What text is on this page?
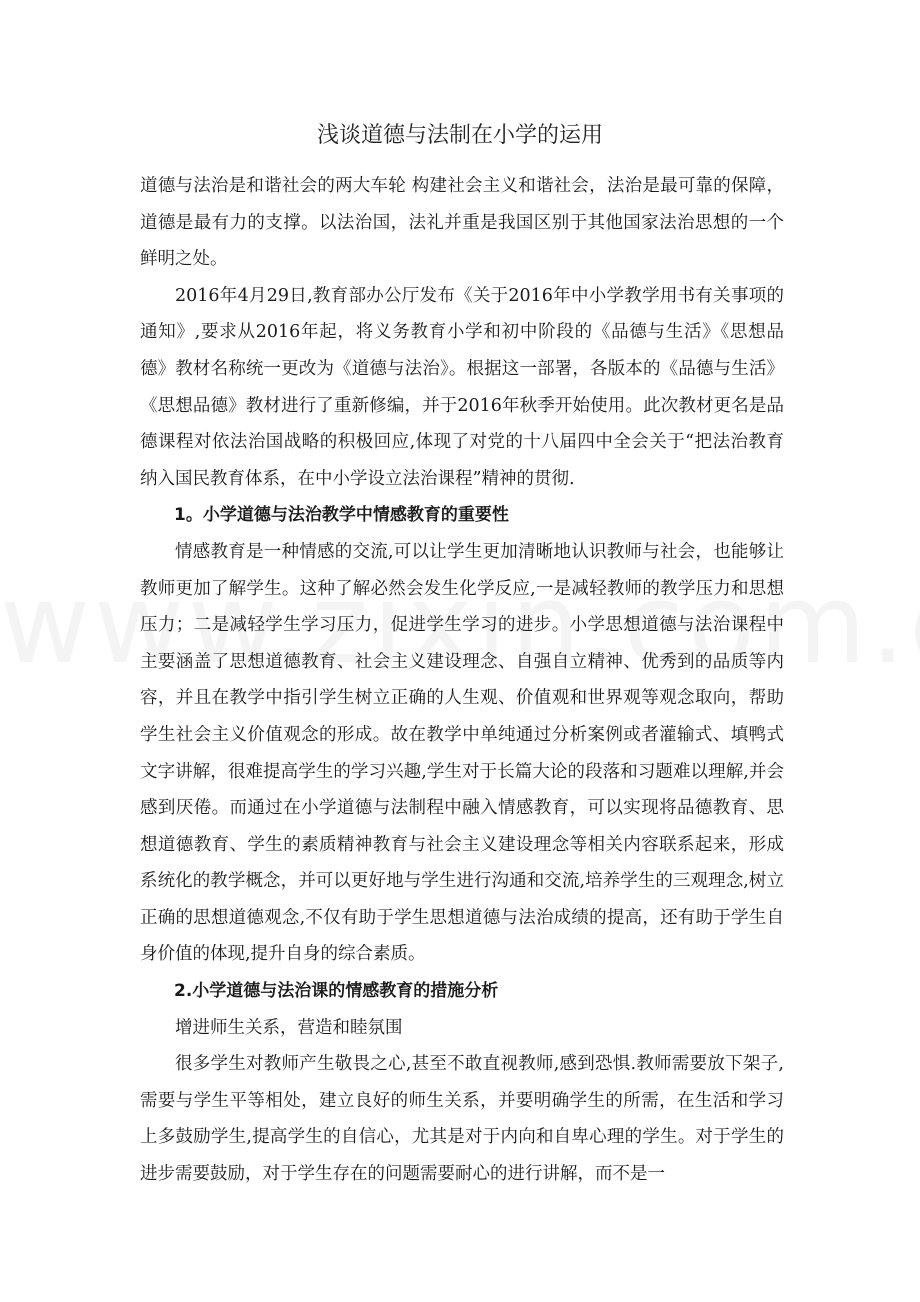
浅谈道德与法制在小学的运用

道德与法治是和谐社会的两大车轮 构建社会主义和谐社会，法治是最可靠的保障，道德是最有力的支撑。以法治国，法礼并重是我国区别于其他国家法治思想的一个鲜明之处。

2016年4月29日,教育部办公厅发布《关于2016年中小学教学用书有关事项的通知》,要求从2016年起，将义务教育小学和初中阶段的《品德与生活》《思想品德》教材名称统一更改为《道德与法治》。根据这一部署，各版本的《品德与生活》《思想品德》教材进行了重新修编，并于2016年秋季开始使用。此次教材更名是品德课程对依法治国战略的积极回应,体现了对党的十八届四中全会关于“把法治教育纳入国民教育体系，在中小学设立法治课程”精神的贯彻.

1。小学道德与法治教学中情感教育的重要性

情感教育是一种情感的交流,可以让学生更加清晰地认识教师与社会，也能够让教师更加了解学生。这种了解必然会发生化学反应,一是减轻教师的教学压力和思想压力；二是减轻学生学习压力，促进学生学习的进步。小学思想道德与法治课程中主要涵盖了思想道德教育、社会主义建设理念、自强自立精神、优秀到的品质等内容，并且在教学中指引学生树立正确的人生观、价值观和世界观等观念取向，帮助学生社会主义价值观念的形成。故在教学中单纯通过分析案例或者灌输式、填鸭式文字讲解，很难提高学生的学习兴趣,学生对于长篇大论的段落和习题难以理解,并会感到厌倦。而通过在小学道德与法制程中融入情感教育，可以实现将品德教育、思想道德教育、学生的素质精神教育与社会主义建设理念等相关内容联系起来，形成系统化的教学概念，并可以更好地与学生进行沟通和交流,培养学生的三观理念,树立正确的思想道德观念,不仅有助于学生思想道德与法治成绩的提高，还有助于学生自身价值的体现,提升自身的综合素质。

2.小学道德与法治课的情感教育的措施分析

增进师生关系，营造和睦氛围

很多学生对教师产生敬畏之心,甚至不敢直视教师,感到恐惧.教师需要放下架子,需要与学生平等相处，建立良好的师生关系，并要明确学生的所需，在生活和学习上多鼓励学生,提高学生的自信心，尤其是对于内向和自卑心理的学生。对于学生的进步需要鼓励，对于学生存在的问题需要耐心的进行讲解，而不是一
